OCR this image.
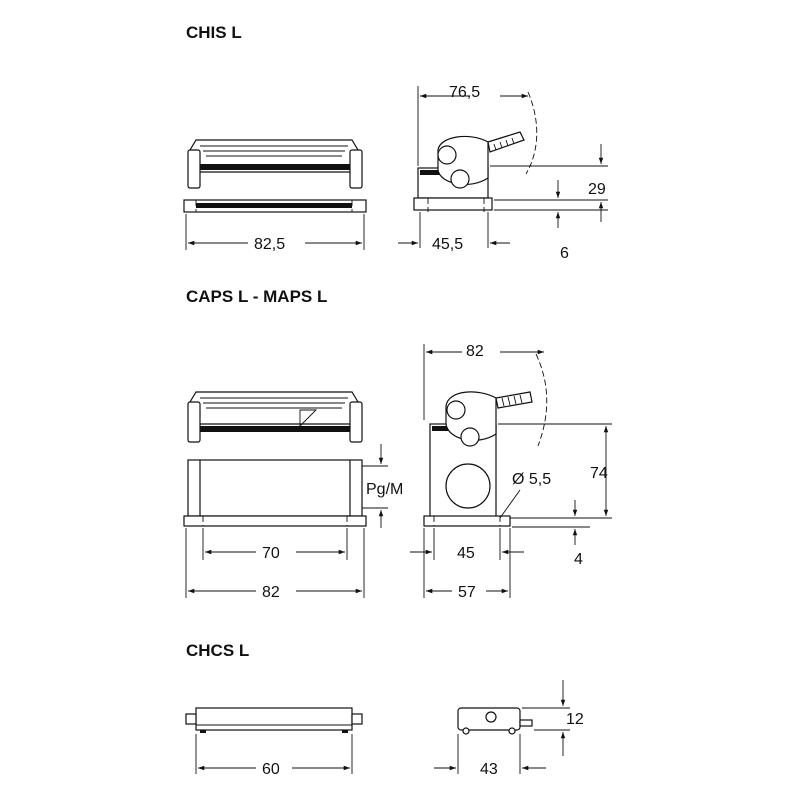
CHIS L
82,5
76,5
45,5
29
6
CAPS L - MAPS L
Pg/M
70
82
82
Ø 5,5 74
4
45
57
CHCS L
60	43
12
